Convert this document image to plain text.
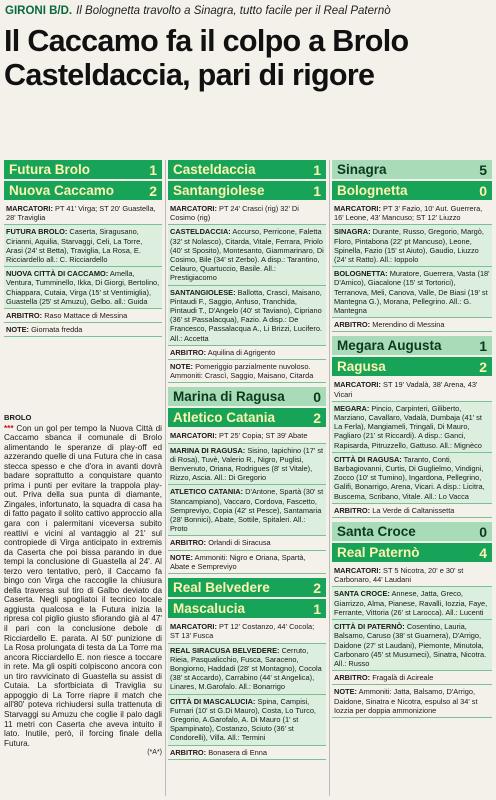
GIRONI B/D. Il Bolognetta travolto a Sinagra, tutto facile per il Real Paternò
Il Caccamo fa il colpo a Brolo
Casteldaccia, pari di rigore
Futura Brolo	1
Nuova Caccamo	2
MARCATORI: PT 41' Virga; ST 20' Guastella, 28' Traviglia
FUTURA BROLO: Caserta, Siragusano, Cirianni, Aquilia, Starvaggi, Celi, La Torre, Arasi (24' st Betta), Traviglia, La Rosa, E. Ricciardello all.: C. Ricciardello
NUOVA CITTÀ DI CACCAMO: Amella, Ventura, Tumminello, Ikka, Di Giorgi, Bertolino, Chiappara, Cutaia, Virga (15' st Ventimiglia), Guastella (25' st Amuzu), Gelbo. all.: Guida
ARBITRO: Raso Mattace di Messina
NOTE: Giornata fredda
BROLO
*** Con un gol per tempo la Nuova Città di Caccamo sbanca il comunale di Brolo alimentando le speranze di play-off ed azzerando quelle di una Futura che in casa stecca spesso e che d'ora in avanti dovrà badare soprattutto a conquistare quanto prima i punti per evitare la trappola play-out. Priva della sua punta di diamante, Zingales, infortunato, la squadra di casa ha di fatto pagato il solito cattivo approccio alla gara con i palermitani viceversa subito reattivi e vicini al vantaggio al 21' sul contropiede di Virga anticipato in extremis da Caserta che poi bissa parando in due tempi la conclusione di Guastella al 24'. Al terzo vero tentativo, però, il Caccamo fa bingo con Virga che raccoglie la chiusura della traversa sul tiro di Galbo deviato da Caserta. Negli spogliatoi il tecnico locale aggiusta qualcosa e la Futura inizia la ripresa col piglio giusto sfiorando già al 47' il pari con la conclusione debole di Ricciardello E. parata. Al 50' punizione di La Rosa prolungata di testa da La Torre ma ancora Ricciardello E. non riesce a toccare in rete. Ma gli ospiti colpiscono ancora con un tiro ravvicinato di Guastella su assist di Cutaia. La sfortbiciata di Traviglia su appoggio di La Torre riapre il match che all'80' poteva richiudersi sulla trattenuta di Starvaggi su Amuzu che coglie il palo dagli 11 metri con Caserta che aveva intuito il lato. Inutile, però, il forcing finale della Futura.
(*A*)
Casteldaccia	1
Santangiolese	1
MARCATORI: PT 24' Crasci (rig) 32' Di Cosimo (rig)
CASTELDACCIA: Accurso, Perricone, Faletta (32' st Nolasco), Citarda, Vitale, Ferrara, Priolo (40' st Sposito), Montesanto, Giammarinaro, Di Cosimo, Bile (34' st Zerbo). A disp.: Tarantino, Celauro, Quartuccio, Basile. All.: Prestigiacomo
SANTANGIOLESE: Ballotta, Crascì, Maisano, Pintaudi F., Saggio, Anfuso, Tranchida, Pintaudi T., D'Angelo (40' st Taviano), Cipriano (36' st Passalacqua), Fazio. A disp.: De Francesco, Passalacqua A., Li Brizzi, Lucifero. All.: Accetta
ARBITRO: Aquilina di Agrigento
NOTE: Pomeriggio parzialmente nuvoloso. Ammoniti: Crascì, Saggio, Maisano, Citarda
Marina di Ragusa 0
Atletico Catania	2
MARCATORI: PT 25' Copia; ST 39' Abate
MARINA DI RAGUSA: Sisino, Iapichino (17' st di Rosa), Tuvè, Valerio R., Nigro, Puglisi, Benvenuto, Oriana, Rodrigues (8' st Vitale), Rizzo, Ascia. All.: Di Gregorio
ATLETICO CATANIA: D'Antone, Spartà (30' st Stancampiano), Vaccaro, Cordova, Fascetto, Sempreviyo, Copia (42' st Pesce), Santamaria (28' Bonnici), Abate, Sottile, Spitaleri. All.: Proto
ARBITRO: Orlandi di Siracusa
NOTE: Ammoniti: Nigro e Oriana, Spartà, Abate e Sempreviyo
Real Belvedere	2
Mascalucia	1
MARCATORI: PT 12' Costanzo, 44' Cocola; ST 13' Fusca
REAL SIRACUSA BELVEDERE: Cerruto, Rieia, Pasqualicchio, Fusca, Saraceno, Bongiorno, Haddadi (28' st Montagno), Cocola (38' st Accardo), Carrabino (44' st Angelica), Linares, M.Garofalo. All.: Bonarrigo
CITTÀ DI MASCALUCIA: Spina, Campisi, Furnari (10' st G.Di Mauro), Costa, Lo Turco, Gregorio, A.Garofalo, A. Di Mauro (1' st Spampinato), Costanzo, Sciuto (36' st Condorelli), Villa. All.: Termini
ARBITRO: Bonasera di Enna
Sinagra	5
Bolognetta	0
MARCATORI: PT 3' Fazio, 10' Aut. Guerrera, 16' Leone, 43' Mancuso; ST 12' Liuzzo
SINAGRA: Durante, Russo, Gregorio, Margò, Floro, Pintabona (22' pt Mancuso), Leone, Spinella, Fazio (15' st Aiuto), Gaudio, Liuzzo (24' st Ratto). All.: Ioppolo
BOLOGNETTA: Muratore, Guerrera, Vasta (18' D'Amico), Giacalone (15' st Tortorici), Terranova, Meli, Canova, Valle, De Biasi (19' st Mantegna G.), Morana, Pellegrino. All.: G. Mantegna
ARBITRO: Merendino di Messina
Megara Augusta	1
Ragusa	2
MARCATORI: ST 19' Vadalà, 38' Arena, 43' Vicari
MEGARA: Pincio, Carpinteri, Giliberto, Marziano, Cavallaro, Vadalà, Dumbaja (41' st La Ferla), Mangiameli, Tringali, Di Mauro, Pagliaro (21' st Riccardi). A disp.: Ganci, Rapisarda, Pitruzzello, Gattuso. All.: Mignèco
CITTÀ DI RAGUSA: Taranto, Conti, Barbagiovanni, Curtis, Di Guglielmo, Vindigni, Zocco (10' st Tumino), Ingardona, Pellegrino, Galifi, Bonarrigo, Arena, Vicari. A disp.: Licitra, Buscema, Scribano, Vitale. All.: Lo Vacca
ARBITRO: La Verde di Caltanissetta
Santa Croce	0
Real Paternò	4
MARCATORI: ST 5 Nicotra, 20' e 30' st Carbonaro, 44' Laudani
SANTA CROCE: Annese, Jatta, Greco, Giarrizzo, Alma, Pianese, Ravalli, Iozzia, Faye, Ferrante, Vittoria (26' st Larocca). All.: Lucenti
CITTÀ DI PATERNÒ: Cosentino, Lauria, Balsamo, Caruso (38' st Guarnera), D'Arrigo, Daidone (27' st Laudani), Piemonte, Minutola, Carbonaro (45' st Musumeci), Sinatra, Nicotra. All.: Russo
ARBITRO: Fragalà di Acireale
NOTE: Ammoniti: Jatta, Balsamo, D'Arrigo, Daidone, Sinatra e Nicotra, espulso al 34' st Iozzia per doppia ammonizione
